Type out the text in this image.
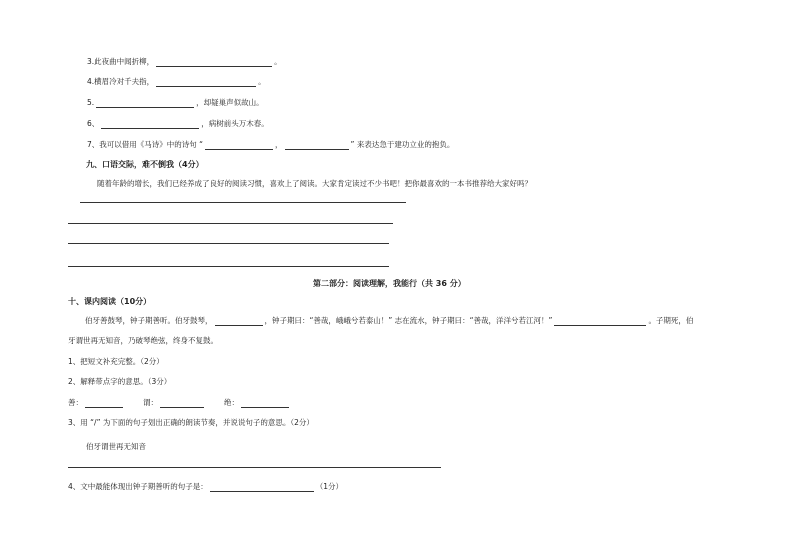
3.此夜曲中闻折柳，	。
4.横眉冷对千夫指，	。
5.	，却疑巢声似故山。
6、	，病树前头万木春。
7、我可以借用《马诗》中的诗句 “	，	” 来表达急于建功立业的抱负。
九、口语交际，难不倒我（4分）
随着年龄的增长，我们已经养成了良好的阅读习惯，喜欢上了阅读。大家肯定读过不少书吧！把你最喜欢的一本书推荐给大家好吗？
第二部分：阅读理解，我能行（共 36 分）
十、课内阅读（10分）
伯牙善鼓琴，钟子期善听。伯牙鼓琴，	，钟子期曰：“善哉，峨峨兮若泰山！” 志在流水，钟子期曰：“善哉，洋洋兮若江河！”	。子期死，伯
牙谓世再无知音，乃破琴绝弦，终身不复鼓。
1、把短文补充完整。（2分）
2、解释带点字的意思。（3分）
善：	谓：	绝：
3、用 “/” 为下面的句子划出正确的朗读节奏，并说说句子的意思。（2分）
伯牙谓世再无知音
4、文中最能体现出钟子期善听的句子是：	（1分）
